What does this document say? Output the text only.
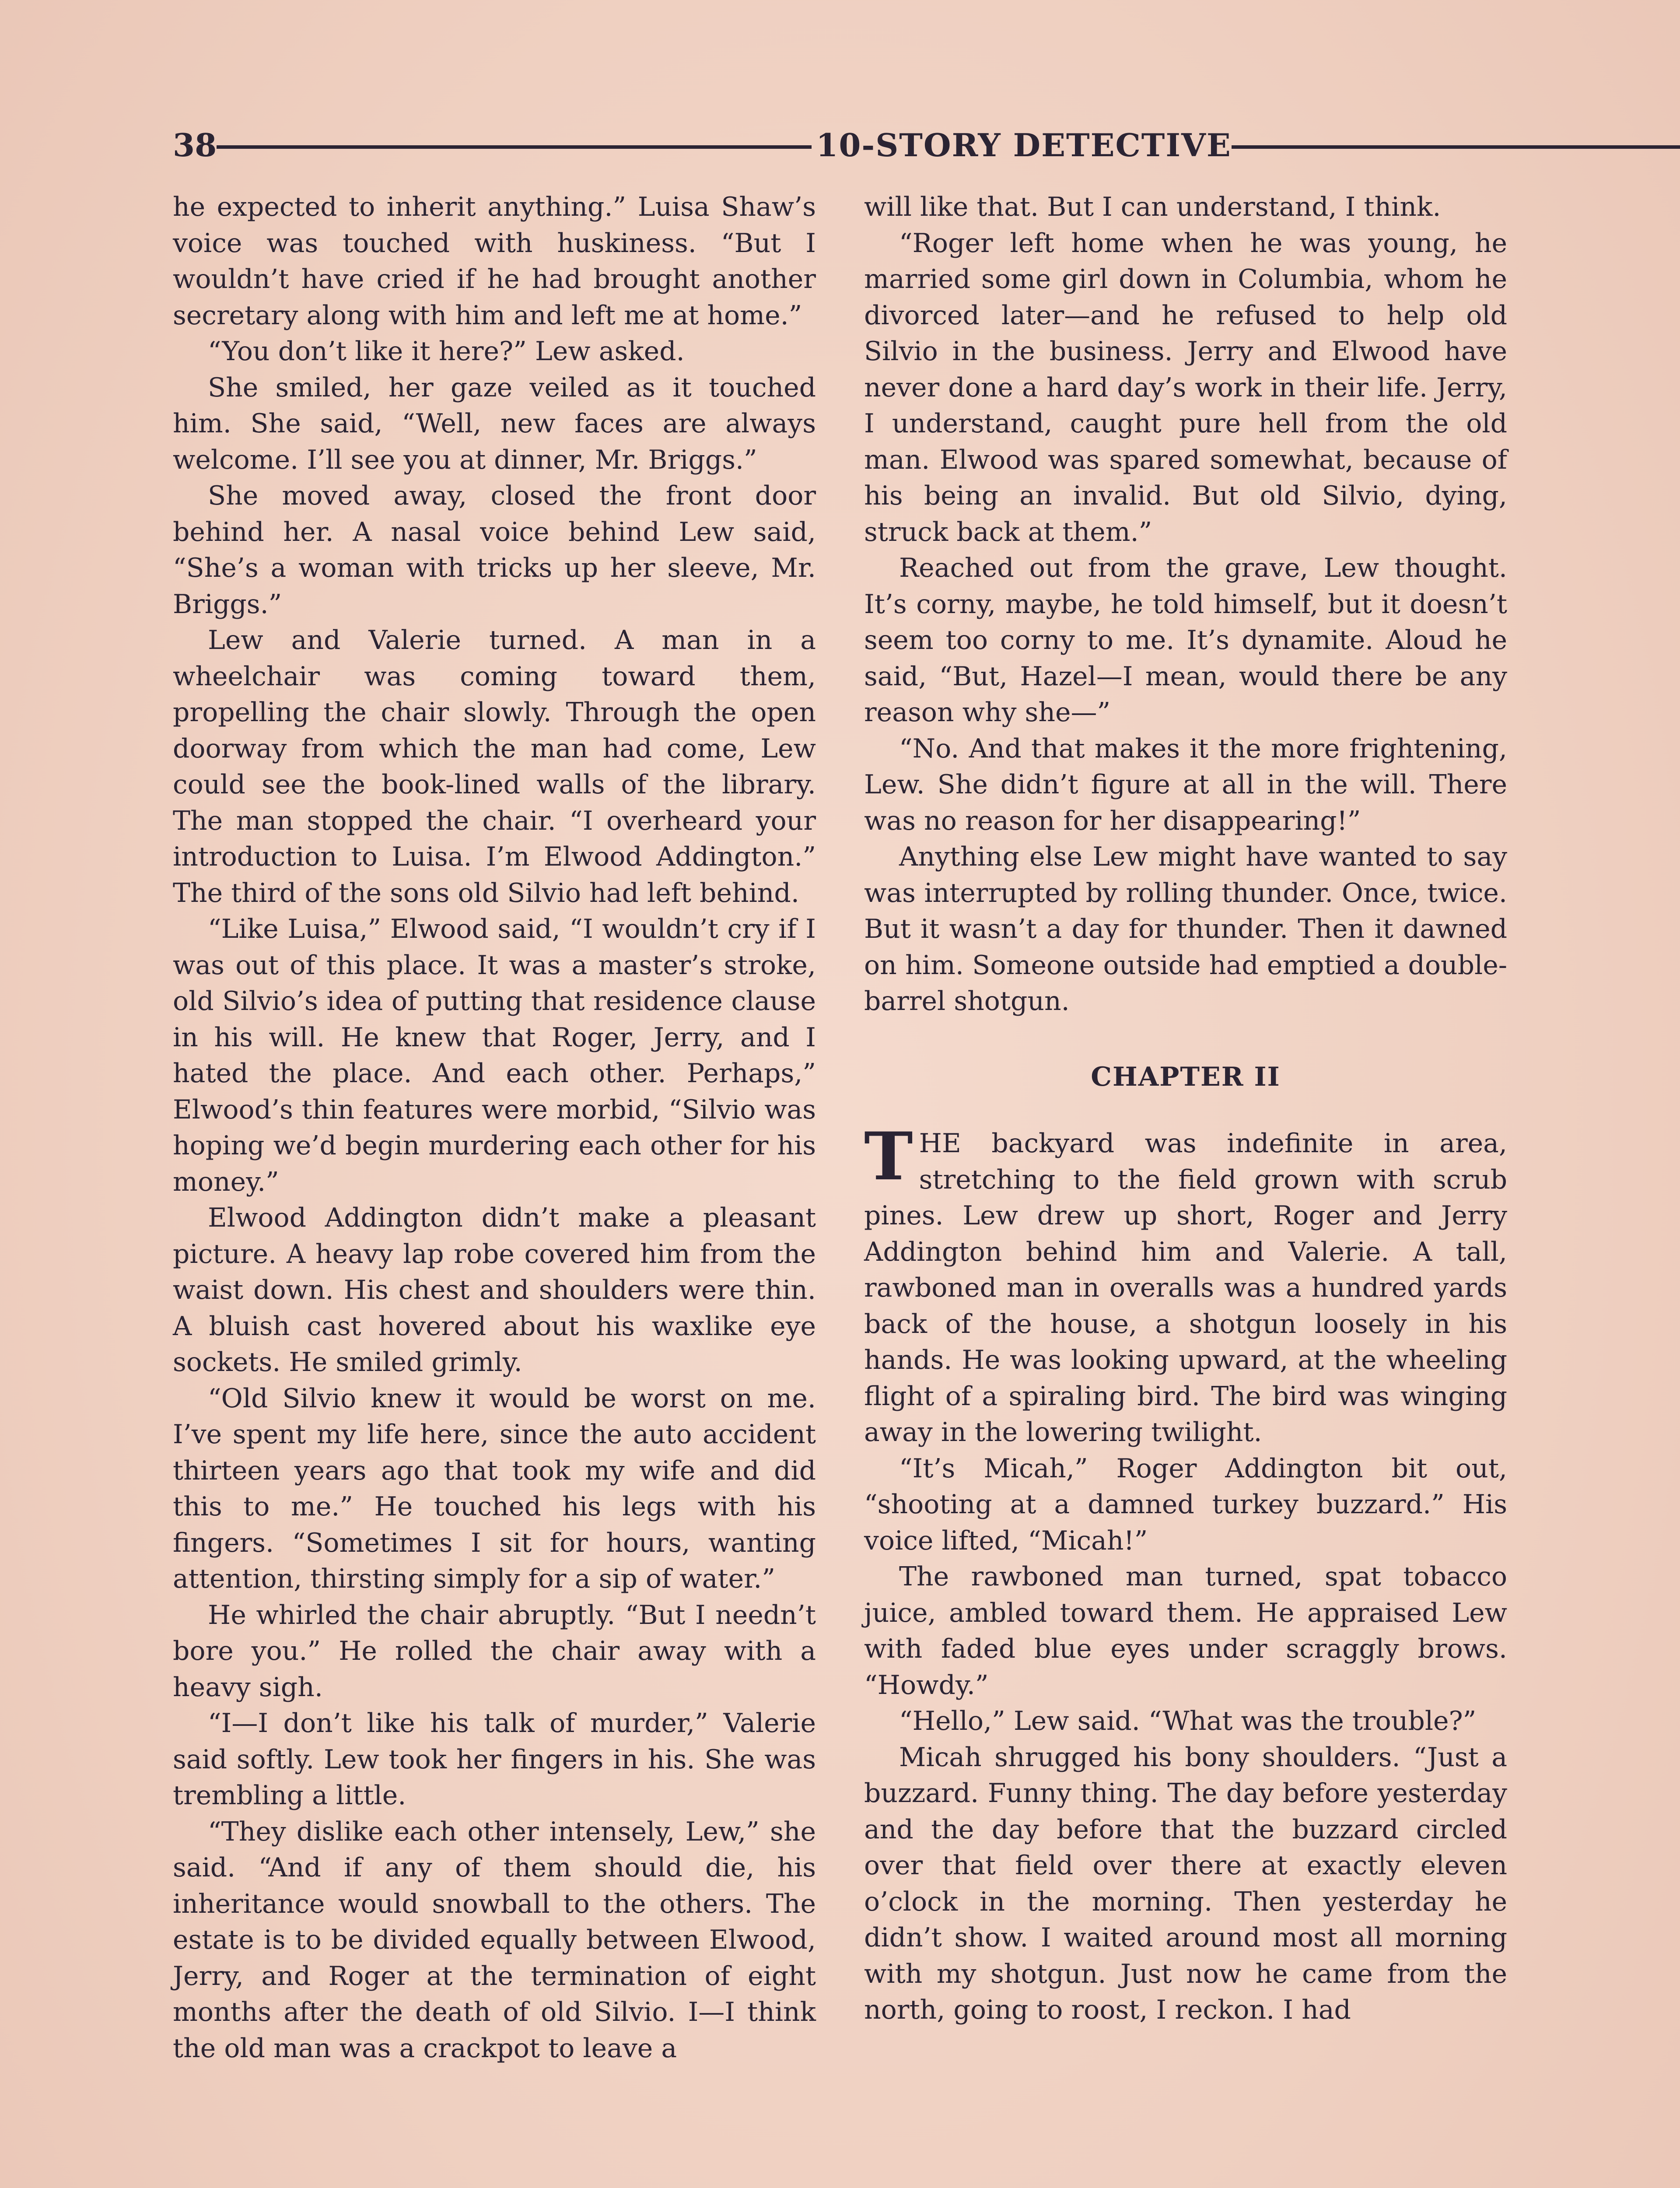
38	10-STORY DETECTIVE

he expected to inherit anything.” Luisa Shaw’s voice was touched with huskiness. “But I wouldn’t have cried if he had brought another secretary along with him and left me at home.”

“You don’t like it here?” Lew asked.

She smiled, her gaze veiled as it touched him. She said, “Well, new faces are always welcome. I’ll see you at dinner, Mr. Briggs.”

She moved away, closed the front door behind her. A nasal voice behind Lew said, “She’s a woman with tricks up her sleeve, Mr. Briggs.”

Lew and Valerie turned. A man in a wheelchair was coming toward them, propelling the chair slowly. Through the open doorway from which the man had come, Lew could see the book-lined walls of the library. The man stopped the chair. “I overheard your introduction to Luisa. I’m Elwood Addington.” The third of the sons old Silvio had left behind.

“Like Luisa,” Elwood said, “I wouldn’t cry if I was out of this place. It was a master’s stroke, old Silvio’s idea of putting that residence clause in his will. He knew that Roger, Jerry, and I hated the place. And each other. Perhaps,” Elwood’s thin features were morbid, “Silvio was hoping we’d begin murdering each other for his money.”

Elwood Addington didn’t make a pleasant picture. A heavy lap robe covered him from the waist down. His chest and shoulders were thin. A bluish cast hovered about his waxlike eye sockets. He smiled grimly.

“Old Silvio knew it would be worst on me. I’ve spent my life here, since the auto accident thirteen years ago that took my wife and did this to me.” He touched his legs with his fingers. “Sometimes I sit for hours, wanting attention, thirsting simply for a sip of water.”

He whirled the chair abruptly. “But I needn’t bore you.” He rolled the chair away with a heavy sigh.

“I—I don’t like his talk of murder,” Valerie said softly. Lew took her fingers in his. She was trembling a little.

“They dislike each other intensely, Lew,” she said. “And if any of them should die, his inheritance would snowball to the others. The estate is to be divided equally between Elwood, Jerry, and Roger at the termination of eight months after the death of old Silvio. I—I think the old man was a crackpot to leave a

will like that. But I can understand, I think.

“Roger left home when he was young, he married some girl down in Columbia, whom he divorced later—and he refused to help old Silvio in the business. Jerry and Elwood have never done a hard day’s work in their life. Jerry, I understand, caught pure hell from the old man. Elwood was spared somewhat, because of his being an invalid. But old Silvio, dying, struck back at them.”

Reached out from the grave, Lew thought. It’s corny, maybe, he told himself, but it doesn’t seem too corny to me. It’s dynamite. Aloud he said, “But, Hazel—I mean, would there be any reason why she—”

“No. And that makes it the more frightening, Lew. She didn’t figure at all in the will. There was no reason for her disappearing!”

Anything else Lew might have wanted to say was interrupted by rolling thunder. Once, twice. But it wasn’t a day for thunder. Then it dawned on him. Someone outside had emptied a double-barrel shotgun.

CHAPTER II

THE backyard was indefinite in area, stretching to the field grown with scrub pines. Lew drew up short, Roger and Jerry Addington behind him and Valerie. A tall, rawboned man in overalls was a hundred yards back of the house, a shotgun loosely in his hands. He was looking upward, at the wheeling flight of a spiraling bird. The bird was winging away in the lowering twilight.

“It’s Micah,” Roger Addington bit out, “shooting at a damned turkey buzzard.” His voice lifted, “Micah!”

The rawboned man turned, spat tobacco juice, ambled toward them. He appraised Lew with faded blue eyes under scraggly brows. “Howdy.”

“Hello,” Lew said. “What was the trouble?”

Micah shrugged his bony shoulders. “Just a buzzard. Funny thing. The day before yesterday and the day before that the buzzard circled over that field over there at exactly eleven o’clock in the morning. Then yesterday he didn’t show. I waited around most all morning with my shotgun. Just now he came from the north, going to roost, I reckon. I had
